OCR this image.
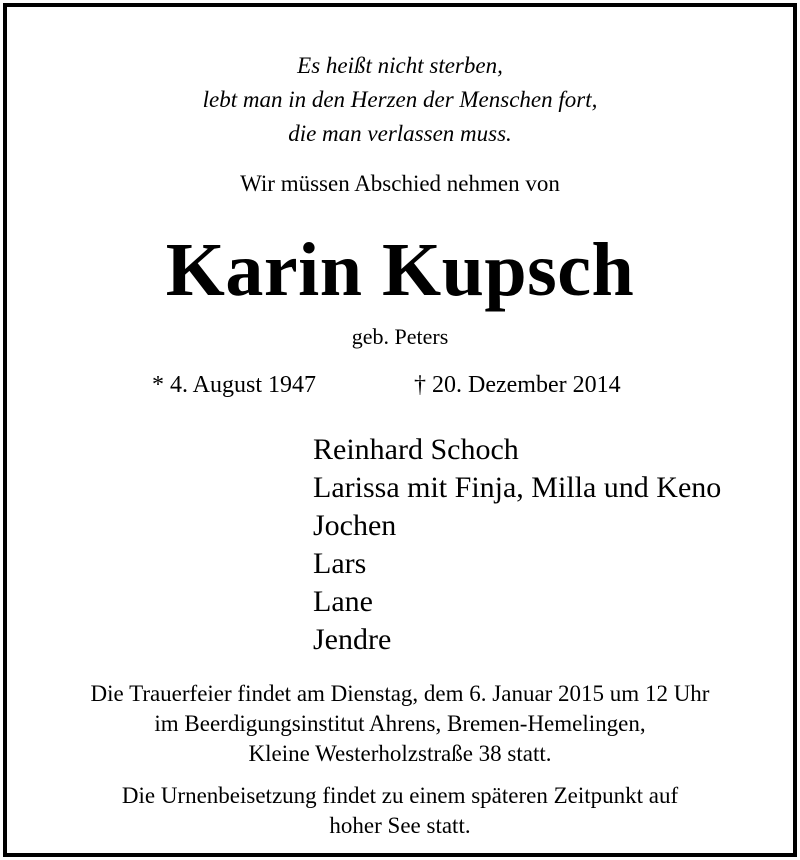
Es heißt nicht sterben,
lebt man in den Herzen der Menschen fort,
die man verlassen muss.
Wir müssen Abschied nehmen von
Karin Kupsch
geb. Peters
* 4. August 1947	† 20. Dezember 2014
Reinhard Schoch
Larissa mit Finja, Milla und Keno
Jochen
Lars
Lane
Jendre
Die Trauerfeier findet am Dienstag, dem 6. Januar 2015 um 12 Uhr
im Beerdigungsinstitut Ahrens, Bremen-Hemelingen,
Kleine Westerholzstraße 38 statt.
Die Urnenbeisetzung findet zu einem späteren Zeitpunkt auf
hoher See statt.
